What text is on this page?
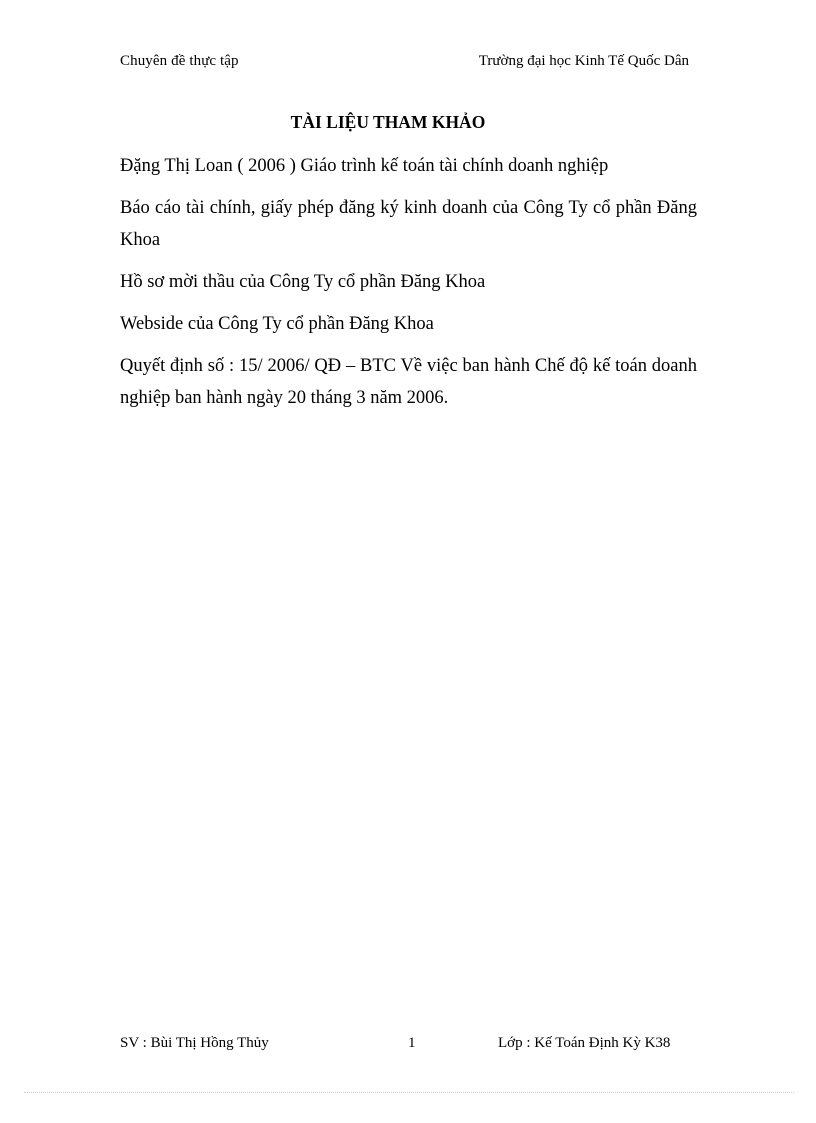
Chuyên đề thực tập	Trường đại học Kinh Tế Quốc Dân
TÀI LIỆU THAM KHẢO

Đặng Thị Loan ( 2006 ) Giáo trình kế toán tài chính doanh nghiệp

Báo cáo tài chính, giấy phép đăng ký kinh doanh của Công Ty cổ phần Đăng Khoa

Hồ sơ mời thầu của Công Ty cổ phần Đăng Khoa

Webside của Công Ty cổ phần Đăng Khoa

Quyết định số : 15/ 2006/ QĐ – BTC Về việc ban hành Chế độ kế toán doanh nghiệp ban hành ngày 20 tháng 3 năm 2006.

SV : Bùi Thị Hồng Thủy	1	Lớp : Kế Toán Định Kỳ K38
